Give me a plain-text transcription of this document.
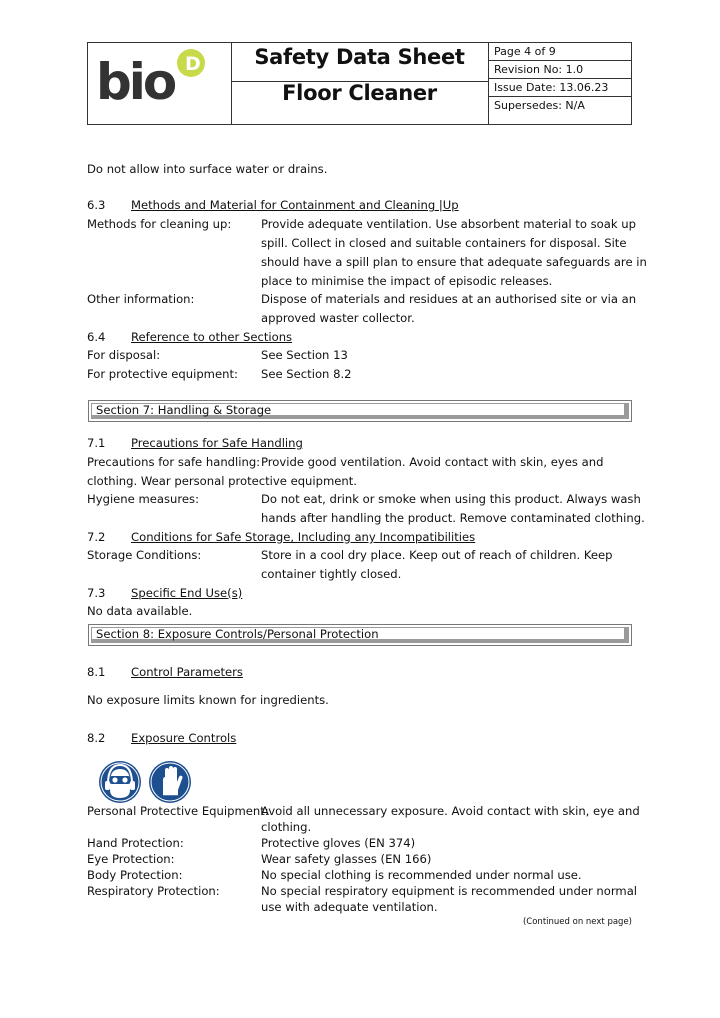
bio D	Safety Data Sheet
Floor Cleaner
Page 4 of 9
Revision No: 1.0
Issue Date: 13.06.23
Supersedes: N/A
Do not allow into surface water or drains.
6.3 Methods and Material for Containment and Cleaning |Up
Methods for cleaning up:	Provide adequate ventilation. Use absorbent material to soak up
spill. Collect in closed and suitable containers for disposal. Site
should have a spill plan to ensure that adequate safeguards are in
place to minimise the impact of episodic releases.
Other information:	Dispose of materials and residues at an authorised site or via an
approved waster collector.
6.4 Reference to other Sections
For disposal:	See Section 13
For protective equipment: See Section 8.2
Section 7: Handling & Storage
7.1 Precautions for Safe Handling
Precautions for safe handling: Provide good ventilation. Avoid contact with skin, eyes and
clothing. Wear personal protective equipment.
Hygiene measures:	Do not eat, drink or smoke when using this product. Always wash
hands after handling the product. Remove contaminated clothing.
7.2 Conditions for Safe Storage, Including any Incompatibilities
Storage Conditions:	Store in a cool dry place. Keep out of reach of children. Keep
container tightly closed.
7.3 Specific End Use(s)
No data available.
Section 8: Exposure Controls/Personal Protection
8.1 Control Parameters
No exposure limits known for ingredients.
8.2 Exposure Controls
Personal Protective Equipment:
Avoid all unnecessary exposure. Avoid contact with skin, eye and
clothing.
Hand Protection:	Protective gloves (EN 374)
Eye Protection:	Wear safety glasses (EN 166)
Body Protection:	No special clothing is recommended under normal use.
Respiratory Protection:	No special respiratory equipment is recommended under normal
use with adequate ventilation.
(Continued on next page)
